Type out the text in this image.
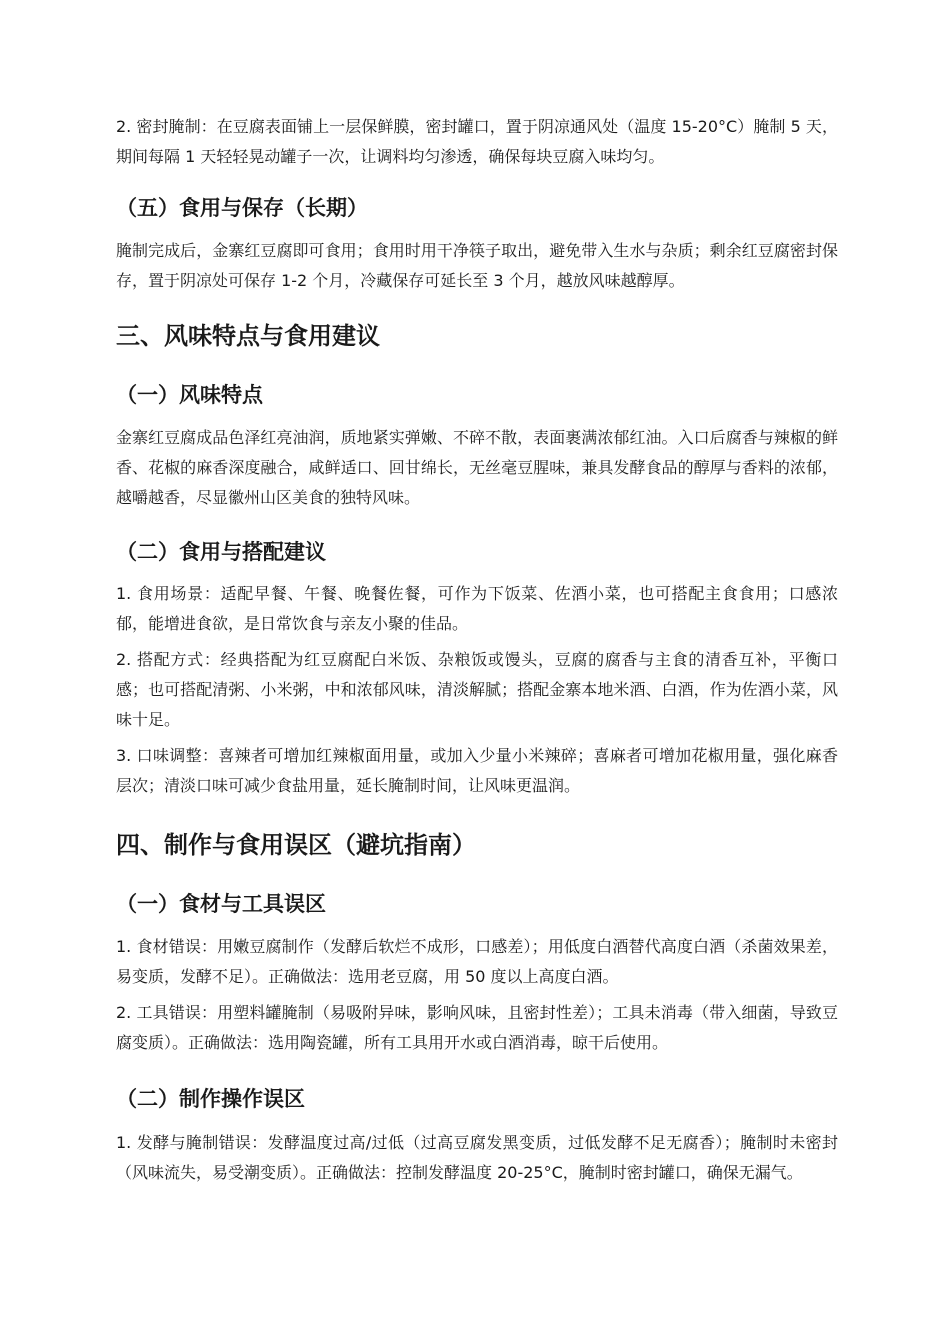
2. 密封腌制：在豆腐表面铺上一层保鲜膜，密封罐口，置于阴凉通风处（温度 15-20°C）腌制 5 天，期间每隔 1 天轻轻晃动罐子一次，让调料均匀渗透，确保每块豆腐入味均匀。

（五）食用与保存（长期）

腌制完成后，金寨红豆腐即可食用；食用时用干净筷子取出，避免带入生水与杂质；剩余红豆腐密封保存，置于阴凉处可保存 1-2 个月，冷藏保存可延长至 3 个月，越放风味越醇厚。

三、风味特点与食用建议
（一）风味特点

金寨红豆腐成品色泽红亮油润，质地紧实弹嫩、不碎不散，表面裹满浓郁红油。入口后腐香与辣椒的鲜香、花椒的麻香深度融合，咸鲜适口、回甘绵长，无丝毫豆腥味，兼具发酵食品的醇厚与香料的浓郁，越嚼越香，尽显徽州山区美食的独特风味。

（二）食用与搭配建议

1. 食用场景：适配早餐、午餐、晚餐佐餐，可作为下饭菜、佐酒小菜，也可搭配主食食用；口感浓郁，能增进食欲，是日常饮食与亲友小聚的佳品。

2. 搭配方式：经典搭配为红豆腐配白米饭、杂粮饭或馒头，豆腐的腐香与主食的清香互补，平衡口感；也可搭配清粥、小米粥，中和浓郁风味，清淡解腻；搭配金寨本地米酒、白酒，作为佐酒小菜，风味十足。

3. 口味调整：喜辣者可增加红辣椒面用量，或加入少量小米辣碎；喜麻者可增加花椒用量，强化麻香层次；清淡口味可减少食盐用量，延长腌制时间，让风味更温润。

四、制作与食用误区（避坑指南）
（一）食材与工具误区

1. 食材错误：用嫩豆腐制作（发酵后软烂不成形，口感差）；用低度白酒替代高度白酒（杀菌效果差，易变质，发酵不足）。正确做法：选用老豆腐，用 50 度以上高度白酒。

2. 工具错误：用塑料罐腌制（易吸附异味，影响风味，且密封性差）；工具未消毒（带入细菌，导致豆腐变质）。正确做法：选用陶瓷罐，所有工具用开水或白酒消毒，晾干后使用。

（二）制作操作误区

1. 发酵与腌制错误：发酵温度过高/过低（过高豆腐发黑变质，过低发酵不足无腐香）；腌制时未密封（风味流失，易受潮变质）。正确做法：控制发酵温度 20-25°C，腌制时密封罐口，确保无漏气。
